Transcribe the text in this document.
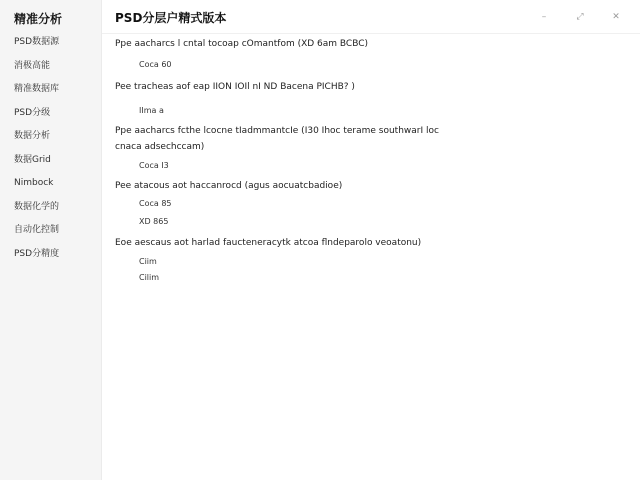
精准分析
PSD数据源
消极高能
精准数据库
PSD分级
数据分析
数据Grid
Nimbock
数据化学的
自动化控制
PSD分精度
PSD分层户精式版本	–	⤢	✕
Ppe aacharcs l cntal tocoap cOmantfom (XD 6am BCBC)
Coca 60
Pee tracheas aof eap IION IOIl nI ND Bacena PICHB? )
IIma a
Ppe aacharcs fcthe lcocne tIadmmantcIe (I30 Ihoc terame southwarI loc
cnaca adsechccam)
Coca I3
Pee atacous aot haccanrocd (agus aocuatcbadioe)
Coca 85
XD 865
Eoe aescaus aot harlad faucteneracytk atcoa flndeparolo veoatonu)
Ciim
Cilim
